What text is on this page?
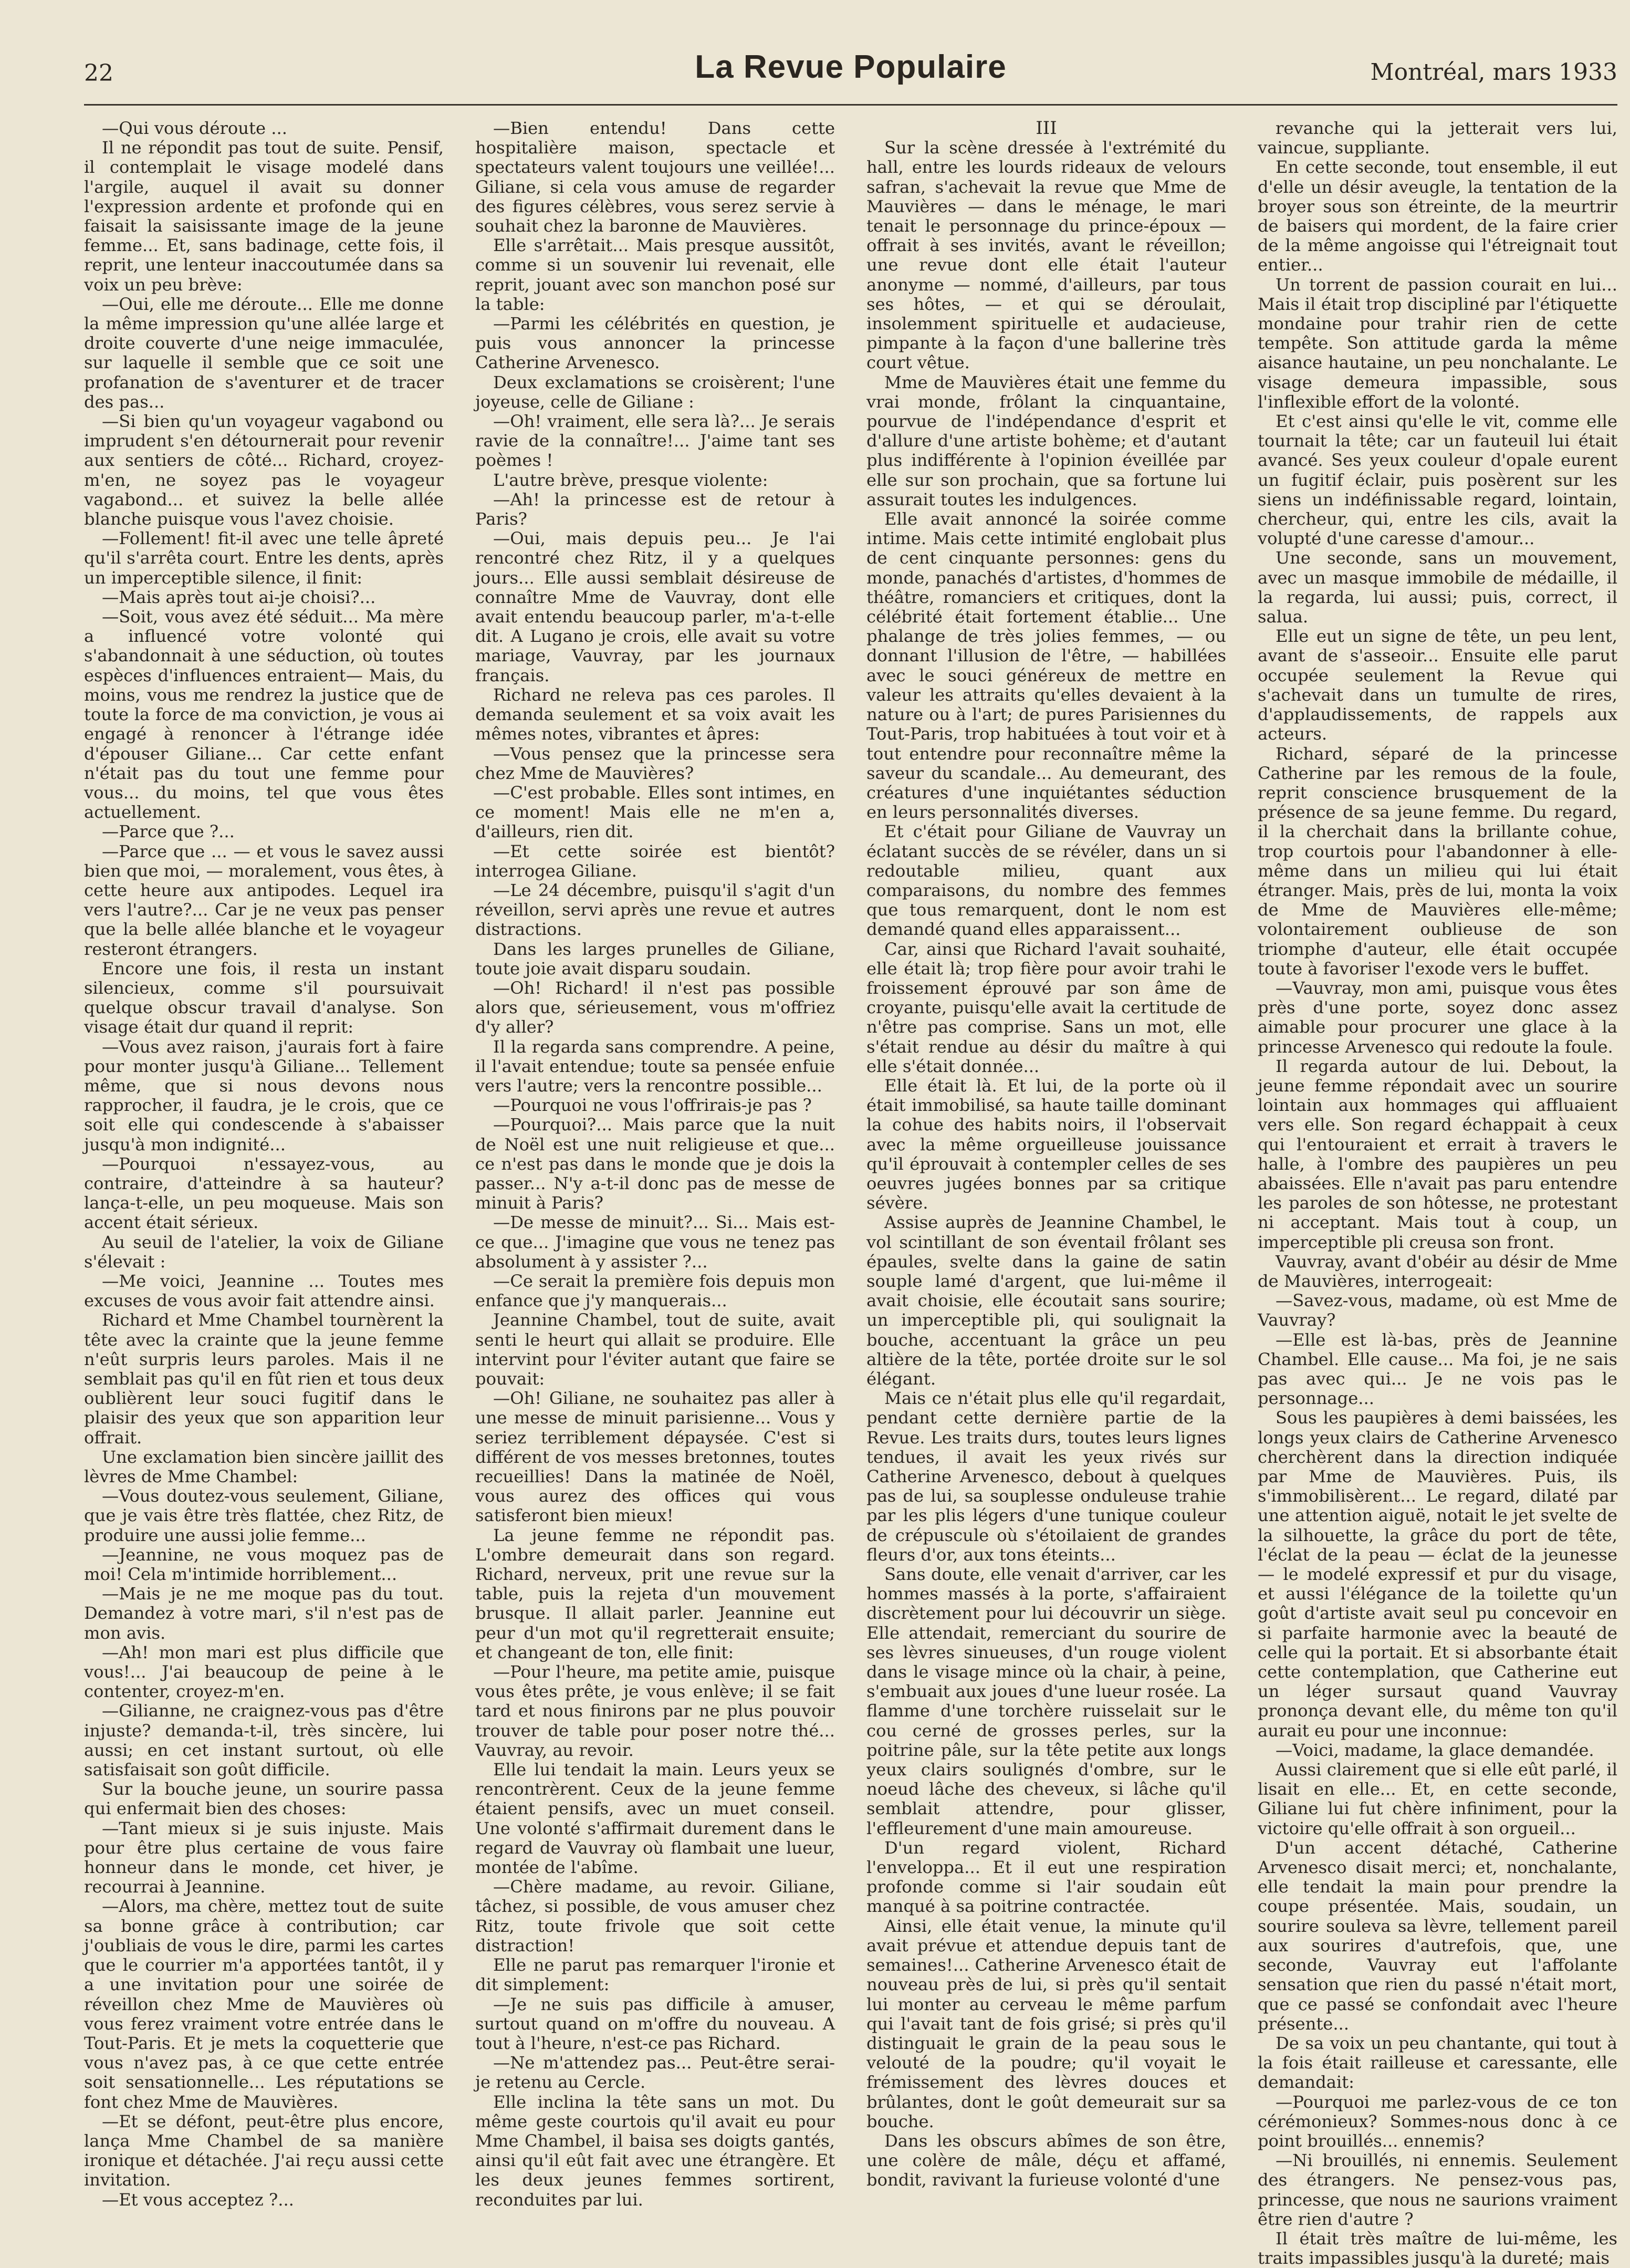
22	La Revue Populaire	Montréal, mars 1933

—Qui vous déroute ...

Il ne répondit pas tout de suite. Pensif, il contemplait le visage modelé dans l'argile, auquel il avait su donner l'expression ardente et profonde qui en faisait la saisissante image de la jeune femme... Et, sans badinage, cette fois, il reprit, une lenteur inaccoutumée dans sa voix un peu brève:

—Oui, elle me déroute... Elle me donne la même impression qu'une allée large et droite couverte d'une neige immaculée, sur laquelle il semble que ce soit une profanation de s'aventurer et de tracer des pas...

—Si bien qu'un voyageur vagabond ou imprudent s'en détournerait pour revenir aux sentiers de côté... Richard, croyez-m'en, ne soyez pas le voyageur vagabond... et suivez la belle allée blanche puisque vous l'avez choisie.

—Follement! fit-il avec une telle âpreté qu'il s'arrêta court. Entre les dents, après un imperceptible silence, il finit:

—Mais après tout ai-je choisi?...

—Soit, vous avez été séduit... Ma mère a influencé votre volonté qui s'abandonnait à une séduction, où toutes espèces d'influences entraient— Mais, du moins, vous me rendrez la justice que de toute la force de ma conviction, je vous ai engagé à renoncer à l'étrange idée d'épouser Giliane... Car cette enfant n'était pas du tout une femme pour vous... du moins, tel que vous êtes actuellement.

—Parce que ?...

—Parce que ... — et vous le savez aussi bien que moi, — moralement, vous êtes, à cette heure aux antipodes. Lequel ira vers l'autre?... Car je ne veux pas penser que la belle allée blanche et le voyageur resteront étrangers.

Encore une fois, il resta un instant silencieux, comme s'il poursuivait quelque obscur travail d'analyse. Son visage était dur quand il reprit:

—Vous avez raison, j'aurais fort à faire pour monter jusqu'à Giliane... Tellement même, que si nous devons nous rapprocher, il faudra, je le crois, que ce soit elle qui condescende à s'abaisser jusqu'à mon indignité...

—Pourquoi n'essayez-vous, au contraire, d'atteindre à sa hauteur? lança-t-elle, un peu moqueuse. Mais son accent était sérieux.

Au seuil de l'atelier, la voix de Giliane s'élevait :

—Me voici, Jeannine ... Toutes mes excuses de vous avoir fait attendre ainsi.

Richard et Mme Chambel tournèrent la tête avec la crainte que la jeune femme n'eût surpris leurs paroles. Mais il ne semblait pas qu'il en fût rien et tous deux oublièrent leur souci fugitif dans le plaisir des yeux que son apparition leur offrait.

Une exclamation bien sincère jaillit des lèvres de Mme Chambel:

—Vous doutez-vous seulement, Giliane, que je vais être très flattée, chez Ritz, de produire une aussi jolie femme...

—Jeannine, ne vous moquez pas de moi! Cela m'intimide horriblement...

—Mais je ne me moque pas du tout. Demandez à votre mari, s'il n'est pas de mon avis.

—Ah! mon mari est plus difficile que vous!... J'ai beaucoup de peine à le contenter, croyez-m'en.

—Gilianne, ne craignez-vous pas d'être injuste? demanda-t-il, très sincère, lui aussi; en cet instant surtout, où elle satisfaisait son goût difficile.

Sur la bouche jeune, un sourire passa qui enfermait bien des choses:

—Tant mieux si je suis injuste. Mais pour être plus certaine de vous faire honneur dans le monde, cet hiver, je recourrai à Jeannine.

—Alors, ma chère, mettez tout de suite sa bonne grâce à contribution; car j'oubliais de vous le dire, parmi les cartes que le courrier m'a apportées tantôt, il y a une invitation pour une soirée de réveillon chez Mme de Mauvières où vous ferez vraiment votre entrée dans le Tout-Paris. Et je mets la coquetterie que vous n'avez pas, à ce que cette entrée soit sensationnelle... Les réputations se font chez Mme de Mauvières.

—Et se défont, peut-être plus encore, lança Mme Chambel de sa manière ironique et détachée. J'ai reçu aussi cette invitation.

—Et vous acceptez ?...

—Bien entendu! Dans cette hospitalière maison, spectacle et spectateurs valent toujours une veillée!... Giliane, si cela vous amuse de regarder des figures célèbres, vous serez servie à souhait chez la baronne de Mauvières.

Elle s'arrêtait... Mais presque aussitôt, comme si un souvenir lui revenait, elle reprit, jouant avec son manchon posé sur la table:

—Parmi les célébrités en question, je puis vous annoncer la princesse Catherine Arvenesco.

Deux exclamations se croisèrent; l'une joyeuse, celle de Giliane :

—Oh! vraiment, elle sera là?... Je serais ravie de la connaître!... J'aime tant ses poèmes !

L'autre brève, presque violente:

—Ah! la princesse est de retour à Paris?

—Oui, mais depuis peu... Je l'ai rencontré chez Ritz, il y a quelques jours... Elle aussi semblait désireuse de connaître Mme de Vauvray, dont elle avait entendu beaucoup parler, m'a-t-elle dit. A Lugano je crois, elle avait su votre mariage, Vauvray, par les journaux français.

Richard ne releva pas ces paroles. Il demanda seulement et sa voix avait les mêmes notes, vibrantes et âpres:

—Vous pensez que la princesse sera chez Mme de Mauvières?

—C'est probable. Elles sont intimes, en ce moment! Mais elle ne m'en a, d'ailleurs, rien dit.

—Et cette soirée est bientôt? interrogea Giliane.

—Le 24 décembre, puisqu'il s'agit d'un réveillon, servi après une revue et autres distractions.

Dans les larges prunelles de Giliane, toute joie avait disparu soudain.

—Oh! Richard! il n'est pas possible alors que, sérieusement, vous m'offriez d'y aller?

Il la regarda sans comprendre. A peine, il l'avait entendue; toute sa pensée enfuie vers l'autre; vers la rencontre possible...

—Pourquoi ne vous l'offrirais-je pas ?

—Pourquoi?... Mais parce que la nuit de Noël est une nuit religieuse et que... ce n'est pas dans le monde que je dois la passer... N'y a-t-il donc pas de messe de minuit à Paris?

—De messe de minuit?... Si... Mais est-ce que... J'imagine que vous ne tenez pas absolument à y assister ?...

—Ce serait la première fois depuis mon enfance que j'y manquerais...

Jeannine Chambel, tout de suite, avait senti le heurt qui allait se produire. Elle intervint pour l'éviter autant que faire se pouvait:

—Oh! Giliane, ne souhaitez pas aller à une messe de minuit parisienne... Vous y seriez terriblement dépaysée. C'est si différent de vos messes bretonnes, toutes recueillies! Dans la matinée de Noël, vous aurez des offices qui vous satisferont bien mieux!

La jeune femme ne répondit pas. L'ombre demeurait dans son regard. Richard, nerveux, prit une revue sur la table, puis la rejeta d'un mouvement brusque. Il allait parler. Jeannine eut peur d'un mot qu'il regretterait ensuite; et changeant de ton, elle finit:

—Pour l'heure, ma petite amie, puisque vous êtes prête, je vous enlève; il se fait tard et nous finirons par ne plus pouvoir trouver de table pour poser notre thé... Vauvray, au revoir.

Elle lui tendait la main. Leurs yeux se rencontrèrent. Ceux de la jeune femme étaient pensifs, avec un muet conseil. Une volonté s'affirmait durement dans le regard de Vauvray où flambait une lueur, montée de l'abîme.

—Chère madame, au revoir. Giliane, tâchez, si possible, de vous amuser chez Ritz, toute frivole que soit cette distraction!

Elle ne parut pas remarquer l'ironie et dit simplement:

—Je ne suis pas difficile à amuser, surtout quand on m'offre du nouveau. A tout à l'heure, n'est-ce pas Richard.

—Ne m'attendez pas... Peut-être serai-je retenu au Cercle.

Elle inclina la tête sans un mot. Du même geste courtois qu'il avait eu pour Mme Chambel, il baisa ses doigts gantés, ainsi qu'il eût fait avec une étrangère. Et les deux jeunes femmes sortirent, reconduites par lui.

III

Sur la scène dressée à l'extrémité du hall, entre les lourds rideaux de velours safran, s'achevait la revue que Mme de Mauvières — dans le ménage, le mari tenait le personnage du prince-époux — offrait à ses invités, avant le réveillon; une revue dont elle était l'auteur anonyme — nommé, d'ailleurs, par tous ses hôtes, — et qui se déroulait, insolemment spirituelle et audacieuse, pimpante à la façon d'une ballerine très court vêtue.

Mme de Mauvières était une femme du vrai monde, frôlant la cinquantaine, pourvue de l'indépendance d'esprit et d'allure d'une artiste bohème; et d'autant plus indifférente à l'opinion éveillée par elle sur son prochain, que sa fortune lui assurait toutes les indulgences.

Elle avait annoncé la soirée comme intime. Mais cette intimité englobait plus de cent cinquante personnes: gens du monde, panachés d'artistes, d'hommes de théâtre, romanciers et critiques, dont la célébrité était fortement établie... Une phalange de très jolies femmes, — ou donnant l'illusion de l'être, — habillées avec le souci généreux de mettre en valeur les attraits qu'elles devaient à la nature ou à l'art; de pures Parisiennes du Tout-Paris, trop habituées à tout voir et à tout entendre pour reconnaître même la saveur du scandale... Au demeurant, des créatures d'une inquiétantes séduction en leurs personnalités diverses.

Et c'était pour Giliane de Vauvray un éclatant succès de se révéler, dans un si redoutable milieu, quant aux comparaisons, du nombre des femmes que tous remarquent, dont le nom est demandé quand elles apparaissent...

Car, ainsi que Richard l'avait souhaité, elle était là; trop fière pour avoir trahi le froissement éprouvé par son âme de croyante, puisqu'elle avait la certitude de n'être pas comprise. Sans un mot, elle s'était rendue au désir du maître à qui elle s'était donnée...

Elle était là. Et lui, de la porte où il était immobilisé, sa haute taille dominant la cohue des habits noirs, il l'observait avec la même orgueilleuse jouissance qu'il éprouvait à contempler celles de ses oeuvres jugées bonnes par sa critique sévère.

Assise auprès de Jeannine Chambel, le vol scintillant de son éventail frôlant ses épaules, svelte dans la gaine de satin souple lamé d'argent, que lui-même il avait choisie, elle écoutait sans sourire; un imperceptible pli, qui soulignait la bouche, accentuant la grâce un peu altière de la tête, portée droite sur le sol élégant.

Mais ce n'était plus elle qu'il regardait, pendant cette dernière partie de la Revue. Les traits durs, toutes leurs lignes tendues, il avait les yeux rivés sur Catherine Arvenesco, debout à quelques pas de lui, sa souplesse onduleuse trahie par les plis légers d'une tunique couleur de crépuscule où s'étoilaient de grandes fleurs d'or, aux tons éteints...

Sans doute, elle venait d'arriver, car les hommes massés à la porte, s'affairaient discrètement pour lui découvrir un siège. Elle attendait, remerciant du sourire de ses lèvres sinueuses, d'un rouge violent dans le visage mince où la chair, à peine, s'embuait aux joues d'une lueur rosée. La flamme d'une torchère ruisselait sur le cou cerné de grosses perles, sur la poitrine pâle, sur la tête petite aux longs yeux clairs soulignés d'ombre, sur le noeud lâche des cheveux, si lâche qu'il semblait attendre, pour glisser, l'effleurement d'une main amoureuse.

D'un regard violent, Richard l'enveloppa... Et il eut une respiration profonde comme si l'air soudain eût manqué à sa poitrine contractée.

Ainsi, elle était venue, la minute qu'il avait prévue et attendue depuis tant de semaines!... Catherine Arvenesco était de nouveau près de lui, si près qu'il sentait lui monter au cerveau le même parfum qui l'avait tant de fois grisé; si près qu'il distinguait le grain de la peau sous le velouté de la poudre; qu'il voyait le frémissement des lèvres douces et brûlantes, dont le goût demeurait sur sa bouche.

Dans les obscurs abîmes de son être, une colère de mâle, déçu et affamé, bondit, ravivant la furieuse volonté d'une

revanche qui la jetterait vers lui, vaincue, suppliante.

En cette seconde, tout ensemble, il eut d'elle un désir aveugle, la tentation de la broyer sous son étreinte, de la meurtrir de baisers qui mordent, de la faire crier de la même angoisse qui l'étreignait tout entier...

Un torrent de passion courait en lui... Mais il était trop discipliné par l'étiquette mondaine pour trahir rien de cette tempête. Son attitude garda la même aisance hautaine, un peu nonchalante. Le visage demeura impassible, sous l'inflexible effort de la volonté.

Et c'est ainsi qu'elle le vit, comme elle tournait la tête; car un fauteuil lui était avancé. Ses yeux couleur d'opale eurent un fugitif éclair, puis posèrent sur les siens un indéfinissable regard, lointain, chercheur, qui, entre les cils, avait la volupté d'une caresse d'amour...

Une seconde, sans un mouvement, avec un masque immobile de médaille, il la regarda, lui aussi; puis, correct, il salua.

Elle eut un signe de tête, un peu lent, avant de s'asseoir... Ensuite elle parut occupée seulement la Revue qui s'achevait dans un tumulte de rires, d'applaudissements, de rappels aux acteurs.

Richard, séparé de la princesse Catherine par les remous de la foule, reprit conscience brusquement de la présence de sa jeune femme. Du regard, il la cherchait dans la brillante cohue, trop courtois pour l'abandonner à elle-même dans un milieu qui lui était étranger. Mais, près de lui, monta la voix de Mme de Mauvières elle-même; volontairement oublieuse de son triomphe d'auteur, elle était occupée toute à favoriser l'exode vers le buffet.

—Vauvray, mon ami, puisque vous êtes près d'une porte, soyez donc assez aimable pour procurer une glace à la princesse Arvenesco qui redoute la foule.

Il regarda autour de lui. Debout, la jeune femme répondait avec un sourire lointain aux hommages qui affluaient vers elle. Son regard échappait à ceux qui l'entouraient et errait à travers le halle, à l'ombre des paupières un peu abaissées. Elle n'avait pas paru entendre les paroles de son hôtesse, ne protestant ni acceptant. Mais tout à coup, un imperceptible pli creusa son front.

Vauvray, avant d'obéir au désir de Mme de Mauvières, interrogeait:

—Savez-vous, madame, où est Mme de Vauvray?

—Elle est là-bas, près de Jeannine Chambel. Elle cause... Ma foi, je ne sais pas avec qui... Je ne vois pas le personnage...

Sous les paupières à demi baissées, les longs yeux clairs de Catherine Arvenesco cherchèrent dans la direction indiquée par Mme de Mauvières. Puis, ils s'immobilisèrent... Le regard, dilaté par une attention aiguë, notait le jet svelte de la silhouette, la grâce du port de tête, l'éclat de la peau — éclat de la jeunesse — le modelé expressif et pur du visage, et aussi l'élégance de la toilette qu'un goût d'artiste avait seul pu concevoir en si parfaite harmonie avec la beauté de celle qui la portait. Et si absorbante était cette contemplation, que Catherine eut un léger sursaut quand Vauvray prononça devant elle, du même ton qu'il aurait eu pour une inconnue:

—Voici, madame, la glace demandée.

Aussi clairement que si elle eût parlé, il lisait en elle... Et, en cette seconde, Giliane lui fut chère infiniment, pour la victoire qu'elle offrait à son orgueil...

D'un accent détaché, Catherine Arvenesco disait merci; et, nonchalante, elle tendait la main pour prendre la coupe présentée. Mais, soudain, un sourire souleva sa lèvre, tellement pareil aux sourires d'autrefois, que, une seconde, Vauvray eut l'affolante sensation que rien du passé n'était mort, que ce passé se confondait avec l'heure présente...

De sa voix un peu chantante, qui tout à la fois était railleuse et caressante, elle demandait:

—Pourquoi me parlez-vous de ce ton cérémonieux? Sommes-nous donc à ce point brouillés... ennemis?

—Ni brouillés, ni ennemis. Seulement des étrangers. Ne pensez-vous pas, princesse, que nous ne saurions vraiment être rien d'autre ?

Il était très maître de lui-même, les traits impassibles jusqu'à la dureté; mais
